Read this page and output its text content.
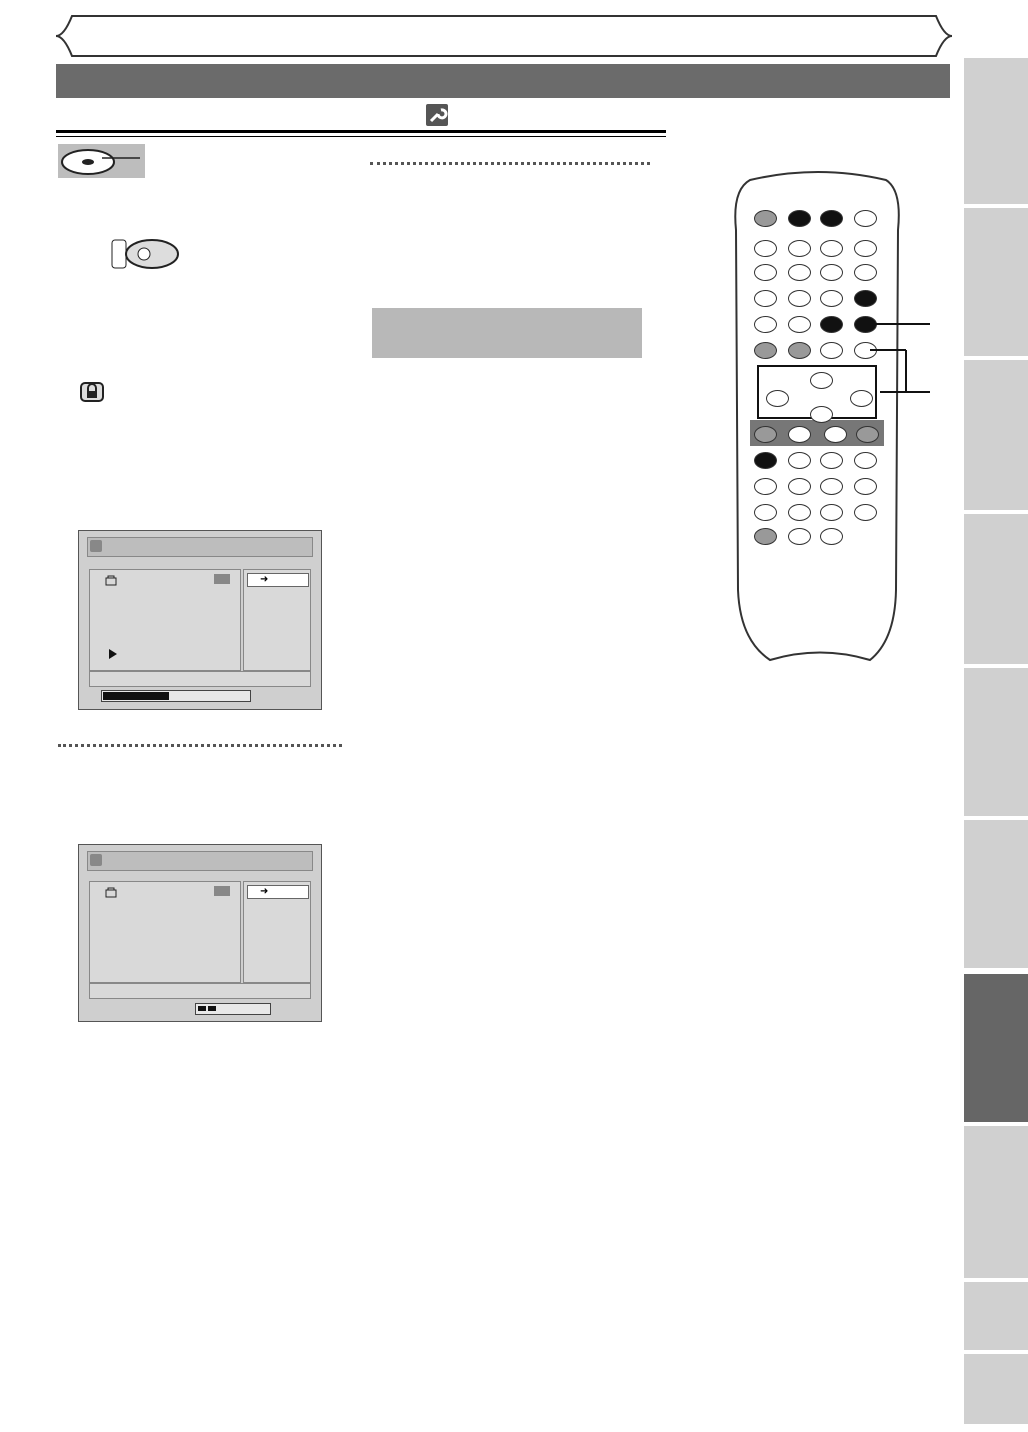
➜
➜
